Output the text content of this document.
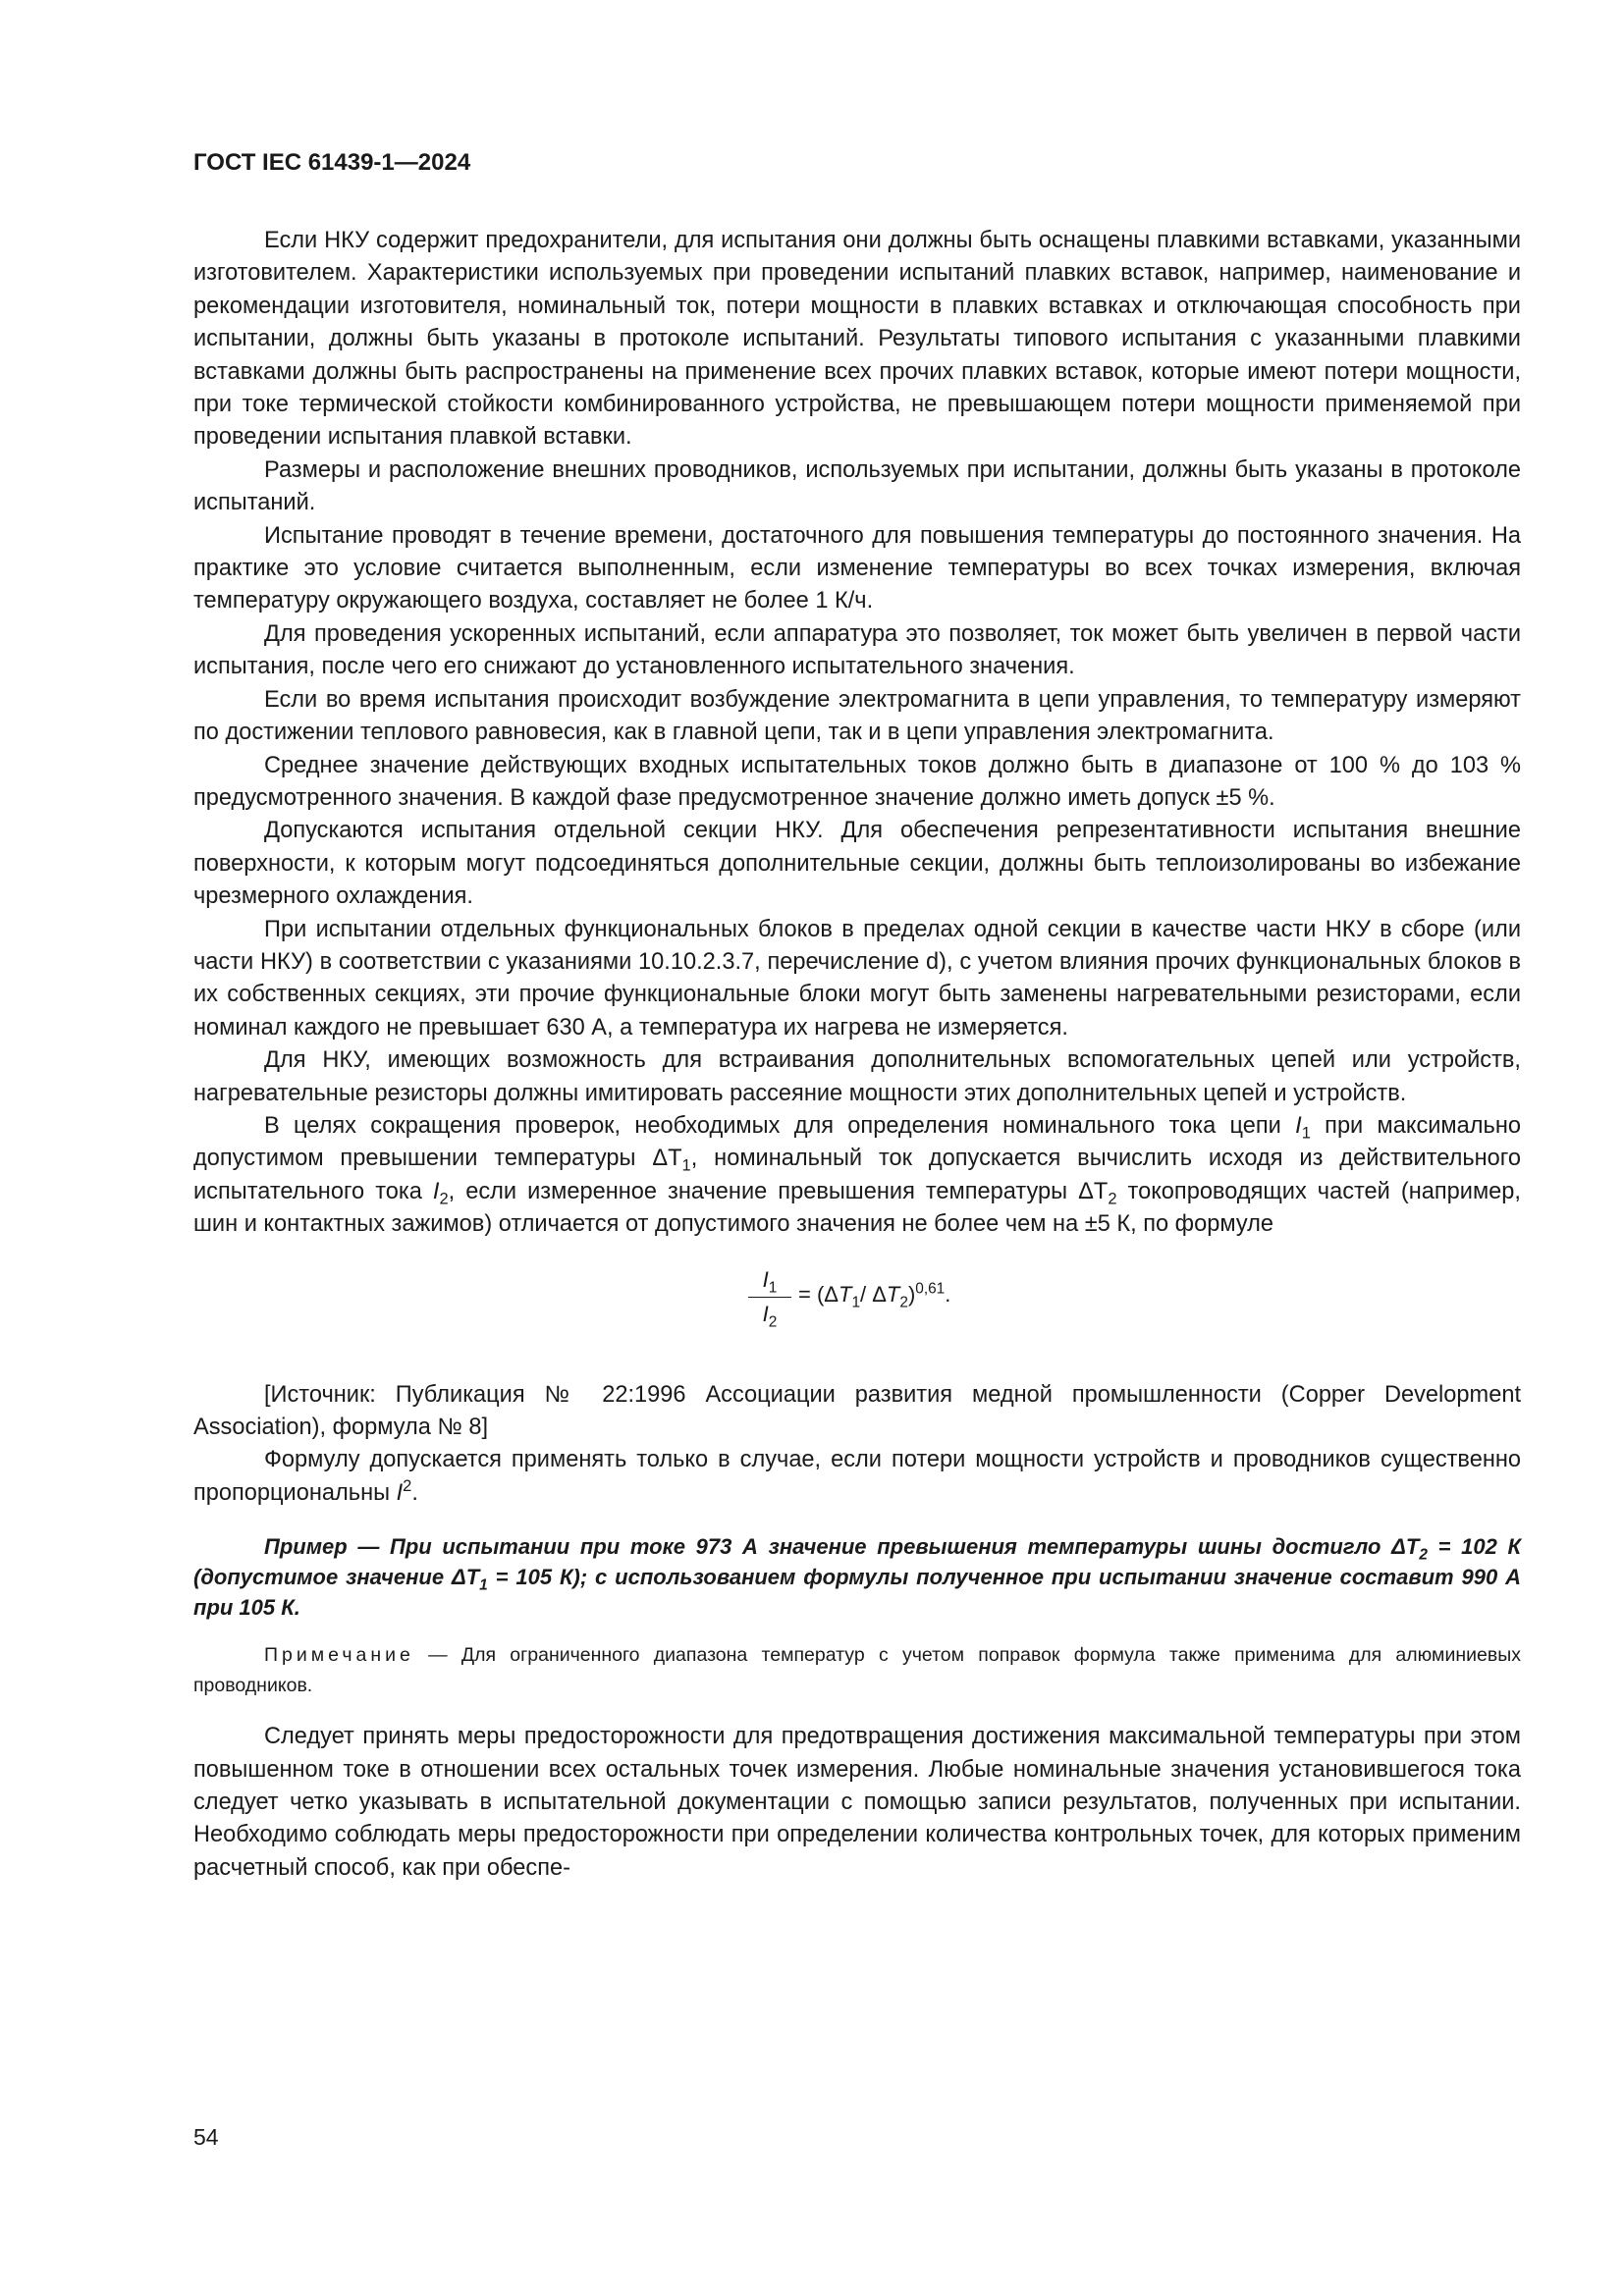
ГОСТ IEC 61439-1—2024

Если НКУ содержит предохранители, для испытания они должны быть оснащены плавкими вставками, указанными изготовителем. Характеристики используемых при проведении испытаний плавких вставок, например, наименование и рекомендации изготовителя, номинальный ток, потери мощности в плавких вставках и отключающая способность при испытании, должны быть указаны в протоколе испытаний. Результаты типового испытания с указанными плавкими вставками должны быть распространены на применение всех прочих плавких вставок, которые имеют потери мощности, при токе термической стойкости комбинированного устройства, не превышающем потери мощности применяемой при проведении испытания плавкой вставки.

Размеры и расположение внешних проводников, используемых при испытании, должны быть указаны в протоколе испытаний.

Испытание проводят в течение времени, достаточного для повышения температуры до постоянного значения. На практике это условие считается выполненным, если изменение температуры во всех точках измерения, включая температуру окружающего воздуха, составляет не более 1 К/ч.

Для проведения ускоренных испытаний, если аппаратура это позволяет, ток может быть увеличен в первой части испытания, после чего его снижают до установленного испытательного значения.

Если во время испытания происходит возбуждение электромагнита в цепи управления, то температуру измеряют по достижении теплового равновесия, как в главной цепи, так и в цепи управления электромагнита.

Среднее значение действующих входных испытательных токов должно быть в диапазоне от 100 % до 103 % предусмотренного значения. В каждой фазе предусмотренное значение должно иметь допуск ±5 %.

Допускаются испытания отдельной секции НКУ. Для обеспечения репрезентативности испытания внешние поверхности, к которым могут подсоединяться дополнительные секции, должны быть теплоизолированы во избежание чрезмерного охлаждения.

При испытании отдельных функциональных блоков в пределах одной секции в качестве части НКУ в сборе (или части НКУ) в соответствии с указаниями 10.10.2.3.7, перечисление d), с учетом влияния прочих функциональных блоков в их собственных секциях, эти прочие функциональные блоки могут быть заменены нагревательными резисторами, если номинал каждого не превышает 630 А, а температура их нагрева не измеряется.

Для НКУ, имеющих возможность для встраивания дополнительных вспомогательных цепей или устройств, нагревательные резисторы должны имитировать рассеяние мощности этих дополнительных цепей и устройств.

В целях сокращения проверок, необходимых для определения номинального тока цепи $I_1$ при максимально допустимом превышении температуры $\Delta T_1$, номинальный ток допускается вычислить исходя из действительного испытательного тока $I_2$, если измеренное значение превышения температуры $\Delta T_2$ токопроводящих частей (например, шин и контактных зажимов) отличается от допустимого значения не более чем на ±5 К, по формуле

$I_1$
$I_2$
= ($\Delta T_1/$ $\Delta T_2)^{0,61}$.

[Источник: Публикация № 22:1996 Ассоциации развития медной промышленности (Copper Development Association), формула № 8]

Формулу допускается применять только в случае, если потери мощности устройств и проводников существенно пропорциональны $I^2$.

Пример — При испытании при токе 973 А значение превышения температуры шины достигло $\Delta T_2 = 102$ К (допустимое значение $\Delta T_1 = 105$ К); с использованием формулы полученное при испытании значение составит 990 А при 105 К.

Примечание — Для ограниченного диапазона температур с учетом поправок формула также применима для алюминиевых проводников.

Следует принять меры предосторожности для предотвращения достижения максимальной температуры при этом повышенном токе в отношении всех остальных точек измерения. Любые номинальные значения установившегося тока следует четко указывать в испытательной документации с помощью записи результатов, полученных при испытании. Необходимо соблюдать меры предосторожности при определении количества контрольных точек, для которых применим расчетный способ, как при обеспе-

54
